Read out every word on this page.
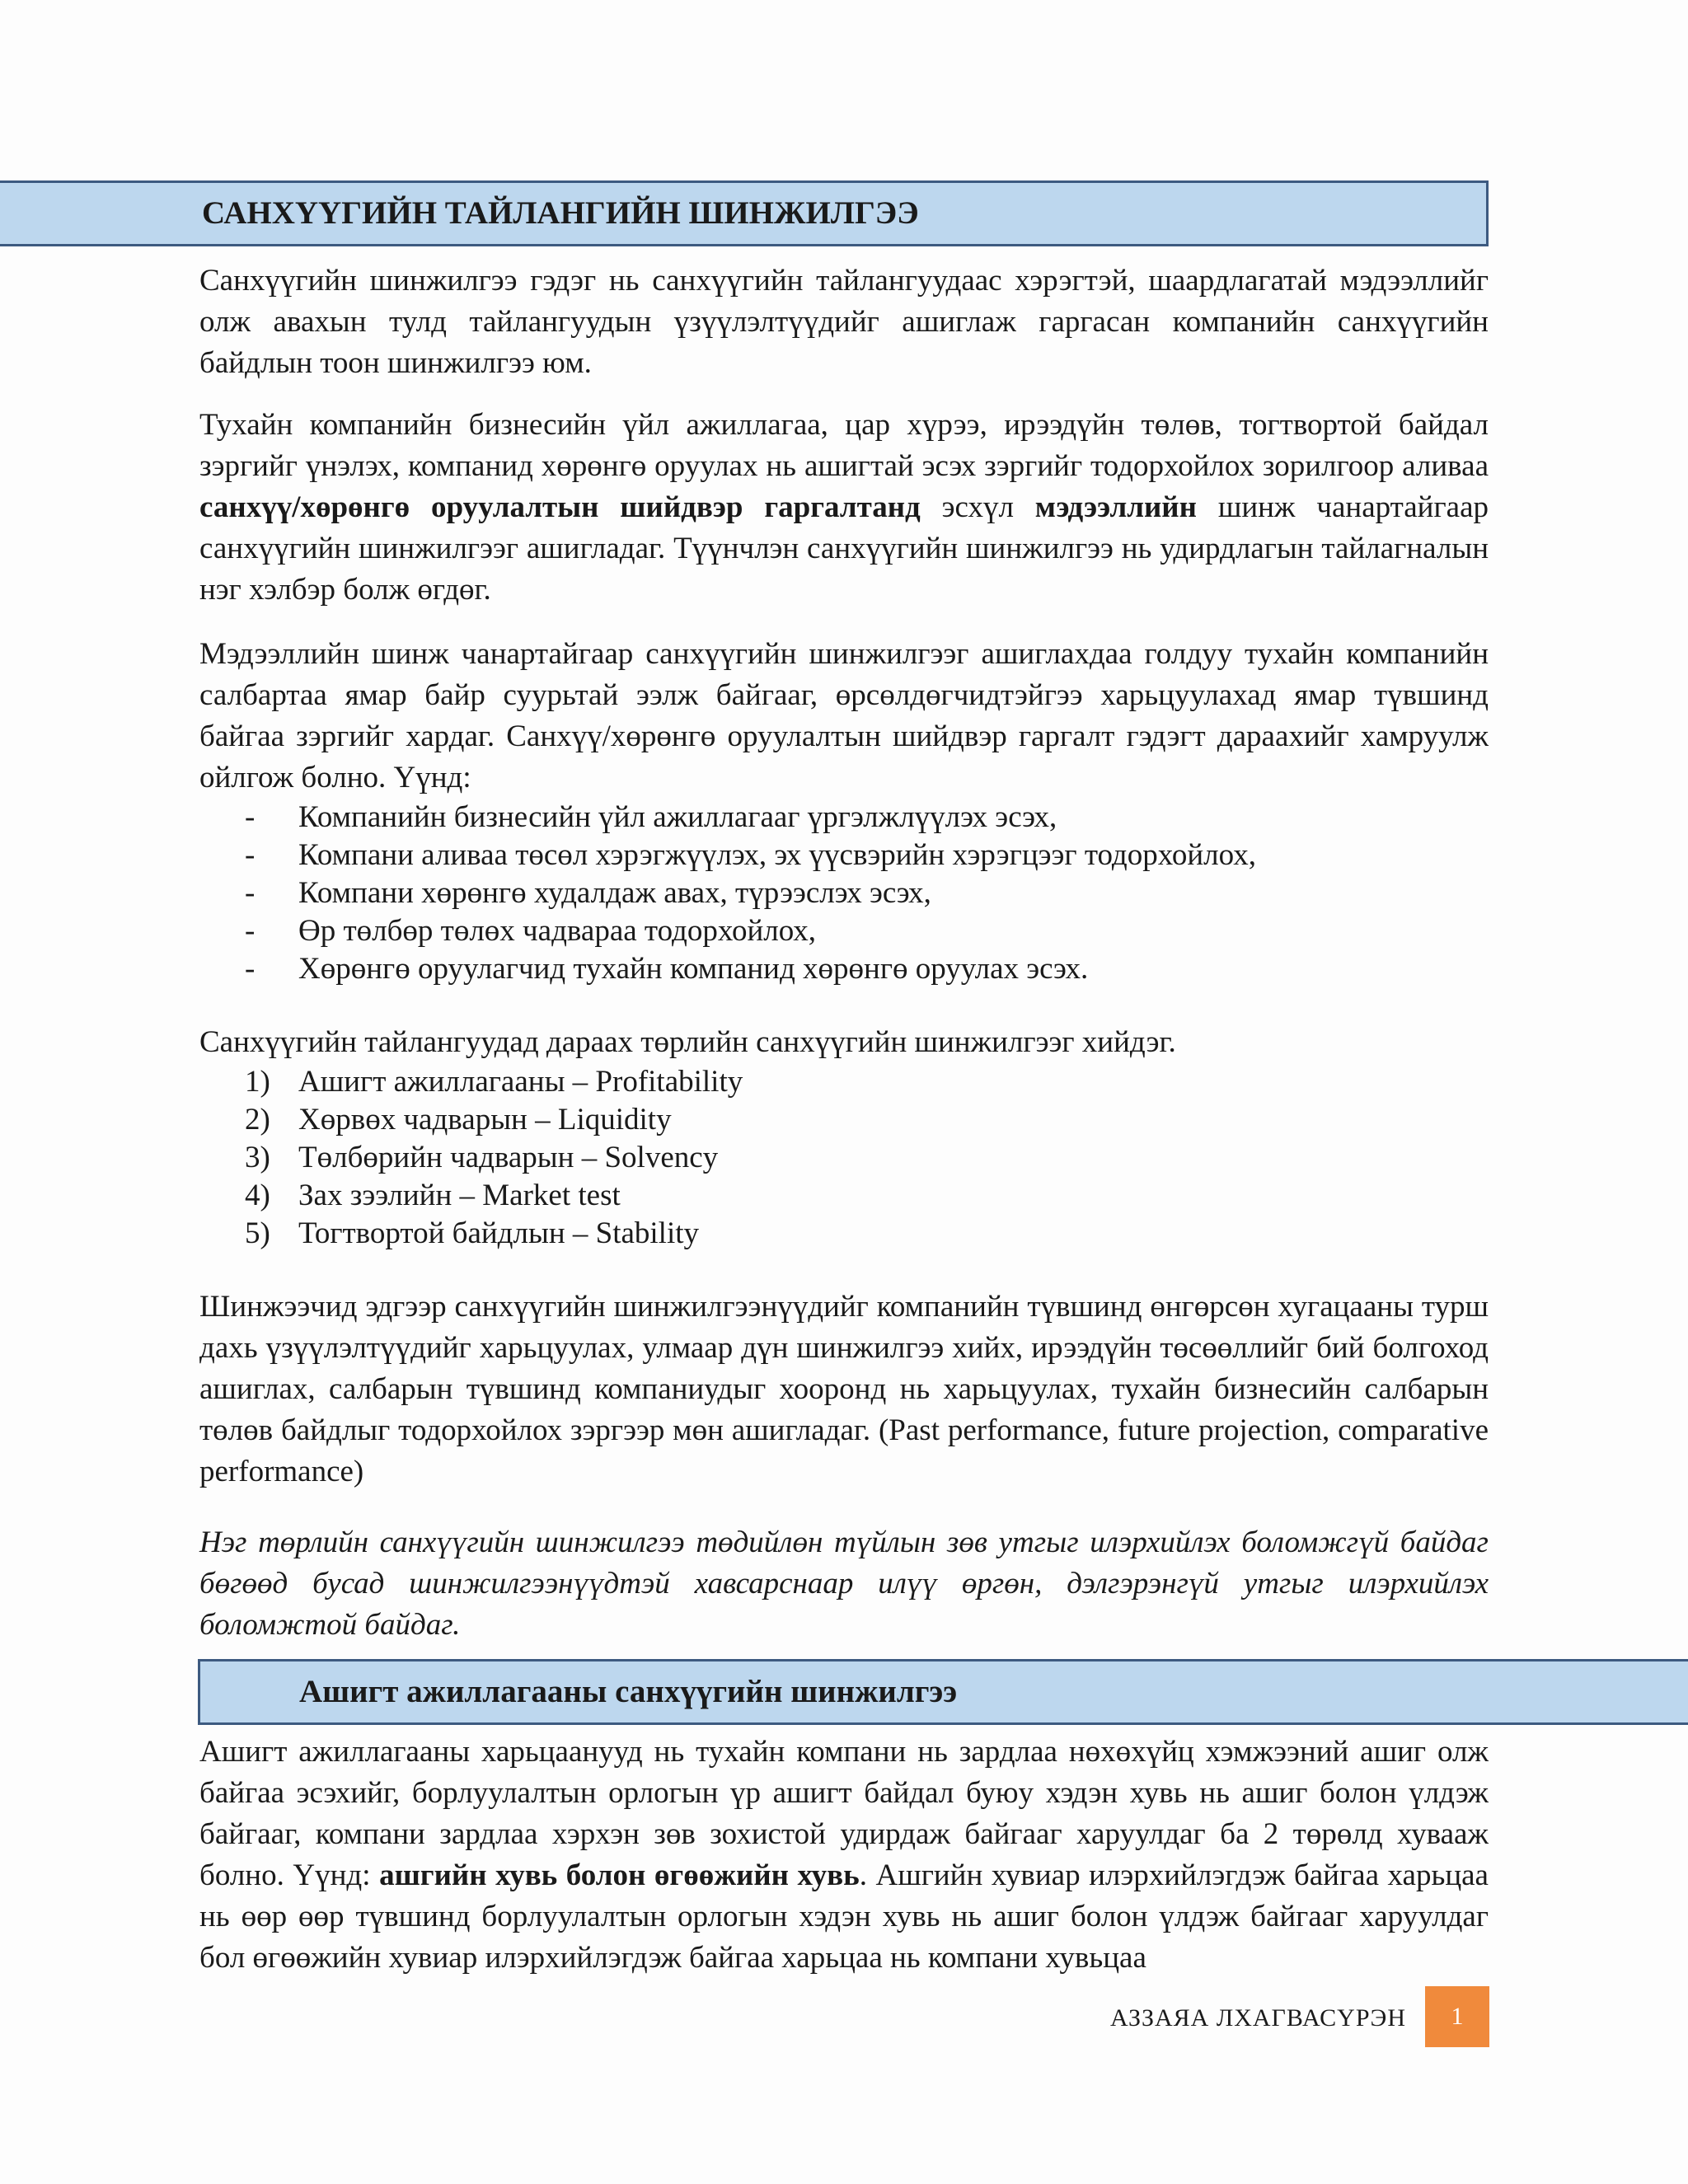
САНХҮҮГИЙН ТАЙЛАНГИЙН ШИНЖИЛГЭЭ

Санхүүгийн шинжилгээ гэдэг нь санхүүгийн тайлангуудаас хэрэгтэй, шаардлагатай мэдээллийг олж авахын тулд тайлангуудын үзүүлэлтүүдийг ашиглаж гаргасан компанийн санхүүгийн байдлын тоон шинжилгээ юм.

Тухайн компанийн бизнесийн үйл ажиллагаа, цар хүрээ, ирээдүйн төлөв, тогтвортой байдал зэргийг үнэлэх, компанид хөрөнгө оруулах нь ашигтай эсэх зэргийг тодорхойлох зорилгоор аливаа санхүү/хөрөнгө оруулалтын шийдвэр гаргалтанд эсхүл мэдээллийн шинж чанартайгаар санхүүгийн шинжилгээг ашигладаг. Түүнчлэн санхүүгийн шинжилгээ нь удирдлагын тайлагналын нэг хэлбэр болж өгдөг.

Мэдээллийн шинж чанартайгаар санхүүгийн шинжилгээг ашиглахдаа голдуу тухайн компанийн салбартаа ямар байр суурьтай ээлж байгааг, өрсөлдөгчидтэйгээ харьцуулахад ямар түвшинд байгаа зэргийг хардаг. Санхүү/хөрөнгө оруулалтын шийдвэр гаргалт гэдэгт дараахийг хамруулж ойлгож болно. Үүнд:

- Компанийн бизнесийн үйл ажиллагааг үргэлжлүүлэх эсэх,
- Компани аливаа төсөл хэрэгжүүлэх, эх үүсвэрийн хэрэгцээг тодорхойлох,
- Компани хөрөнгө худалдаж авах, түрээслэх эсэх,
- Өр төлбөр төлөх чадвараа тодорхойлох,
- Хөрөнгө оруулагчид тухайн компанид хөрөнгө оруулах эсэх.

Санхүүгийн тайлангуудад дараах төрлийн санхүүгийн шинжилгээг хийдэг.

1) Ашигт ажиллагааны – Profitability
2) Хөрвөх чадварын – Liquidity
3) Төлбөрийн чадварын – Solvency
4) Зах зээлийн – Market test
5) Тогтвортой байдлын – Stability

Шинжээчид эдгээр санхүүгийн шинжилгээнүүдийг компанийн түвшинд өнгөрсөн хугацааны турш дахь үзүүлэлтүүдийг харьцуулах, улмаар дүн шинжилгээ хийх, ирээдүйн төсөөллийг бий болгоход ашиглах, салбарын түвшинд компаниудыг хооронд нь харьцуулах, тухайн бизнесийн салбарын төлөв байдлыг тодорхойлох зэргээр мөн ашигладаг. (Past performance, future projection, comparative performance)

Нэг төрлийн санхүүгийн шинжилгээ төдийлөн түйлын зөв утгыг илэрхийлэх боломжгүй байдаг бөгөөд бусад шинжилгээнүүдтэй хавсарснаар илүү өргөн, дэлгэрэнгүй утгыг илэрхийлэх боломжтой байдаг.

Ашигт ажиллагааны санхүүгийн шинжилгээ

Ашигт ажиллагааны харьцаанууд нь тухайн компани нь зардлаа нөхөхүйц хэмжээний ашиг олж байгаа эсэхийг, борлуулалтын орлогын үр ашигт байдал буюу хэдэн хувь нь ашиг болон үлдэж байгааг, компани зардлаа хэрхэн зөв зохистой удирдаж байгааг харуулдаг ба 2 төрөлд хувааж болно. Үүнд: ашгийн хувь болон өгөөжийн хувь. Ашгийн хувиар илэрхийлэгдэж байгаа харьцаа нь өөр өөр түвшинд борлуулалтын орлогын хэдэн хувь нь ашиг болон үлдэж байгааг харуулдаг бол өгөөжийн хувиар илэрхийлэгдэж байгаа харьцаа нь компани хувьцаа

АЗЗАЯА ЛХАГВАСҮРЭН	1
